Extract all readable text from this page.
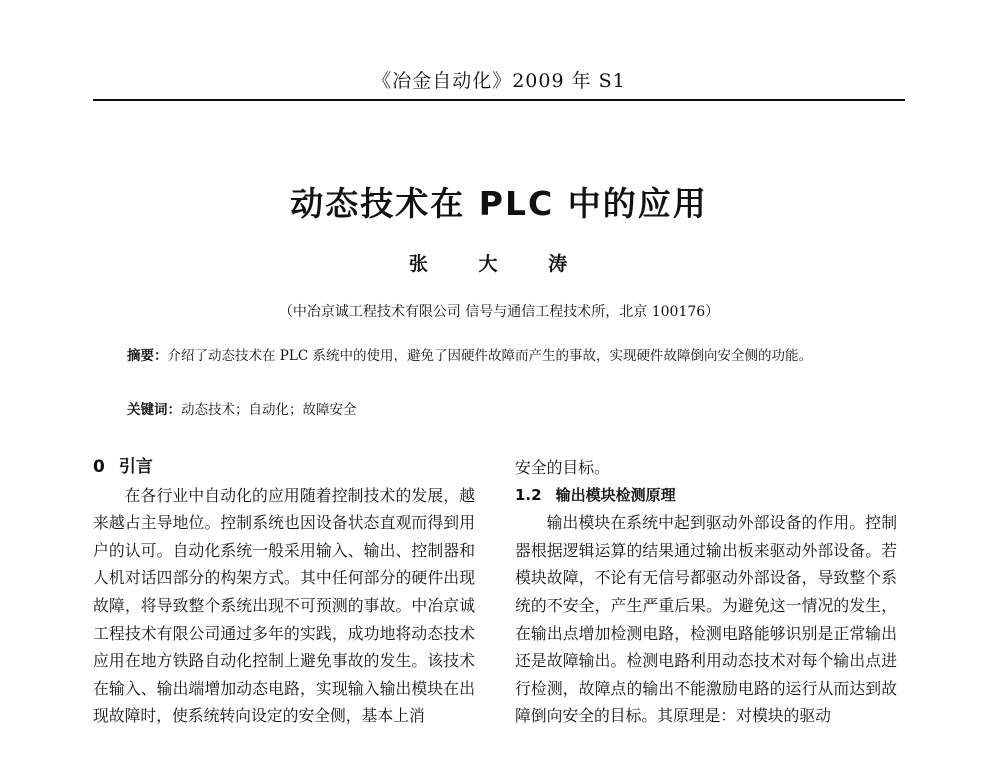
《冶金自动化》2009 年 S1
动态技术在 PLC 中的应用
张 大 涛
（中冶京诚工程技术有限公司 信号与通信工程技术所，北京 100176）
摘要：介绍了动态技术在 PLC 系统中的使用，避免了因硬件故障而产生的事故，实现硬件故障倒向安全侧的功能。
关键词：动态技术；自动化；故障安全
0 引言

在各行业中自动化的应用随着控制技术的发展，越来越占主导地位。控制系统也因设备状态直观而得到用户的认可。自动化系统一般采用输入、输出、控制器和人机对话四部分的构架方式。其中任何部分的硬件出现故障，将导致整个系统出现不可预测的事故。中冶京诚工程技术有限公司通过多年的实践，成功地将动态技术应用在地方铁路自动化控制上避免事故的发生。该技术在输入、输出端增加动态电路，实现输入输出模块在出现故障时，使系统转向设定的安全侧，基本上消

安全的目标。

1.2 输出模块检测原理

输出模块在系统中起到驱动外部设备的作用。控制器根据逻辑运算的结果通过输出板来驱动外部设备。若模块故障，不论有无信号都驱动外部设备，导致整个系统的不安全，产生严重后果。为避免这一情况的发生，在输出点增加检测电路，检测电路能够识别是正常输出还是故障输出。检测电路利用动态技术对每个输出点进行检测，故障点的输出不能激励电路的运行从而达到故障倒向安全的目标。其原理是：对模块的驱动
